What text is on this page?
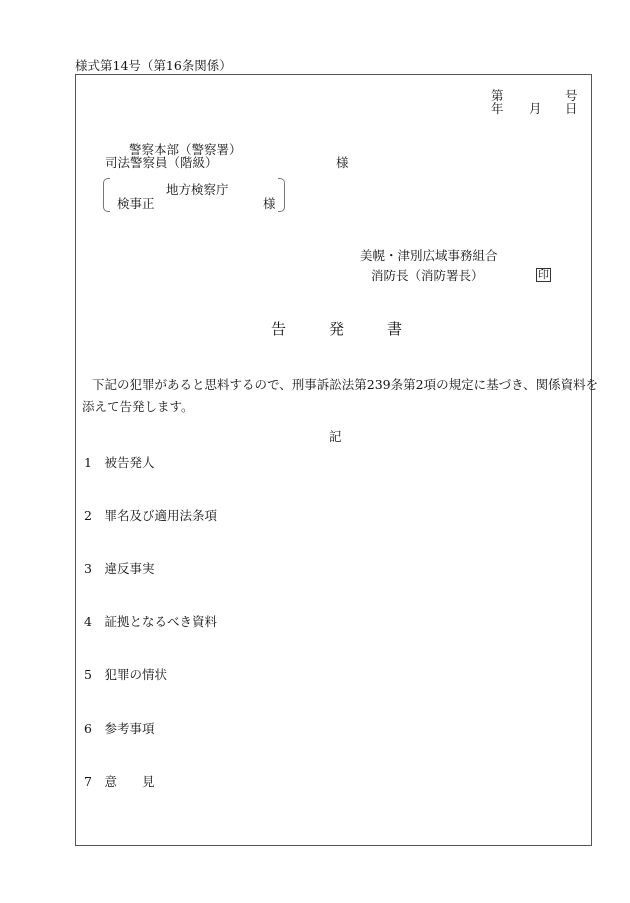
様式第14号（第16条関係）
第	号
年 月 日
警察本部（警察署）
司法警察員（階級）	様
地方検察庁
検事正	様
美幌・津別広域事務組合
消防長（消防署長）	印
告	発	書
下記の犯罪があると思料するので、刑事訴訟法第239条第2項の規定に基づき、関係資料を
添えて告発します。
記
1　 被告発人
2　 罪名及び適用法条項
3　 違反事実
4　 証拠となるべき資料
5　 犯罪の情状
6　 参考事項
7　 意　　見
